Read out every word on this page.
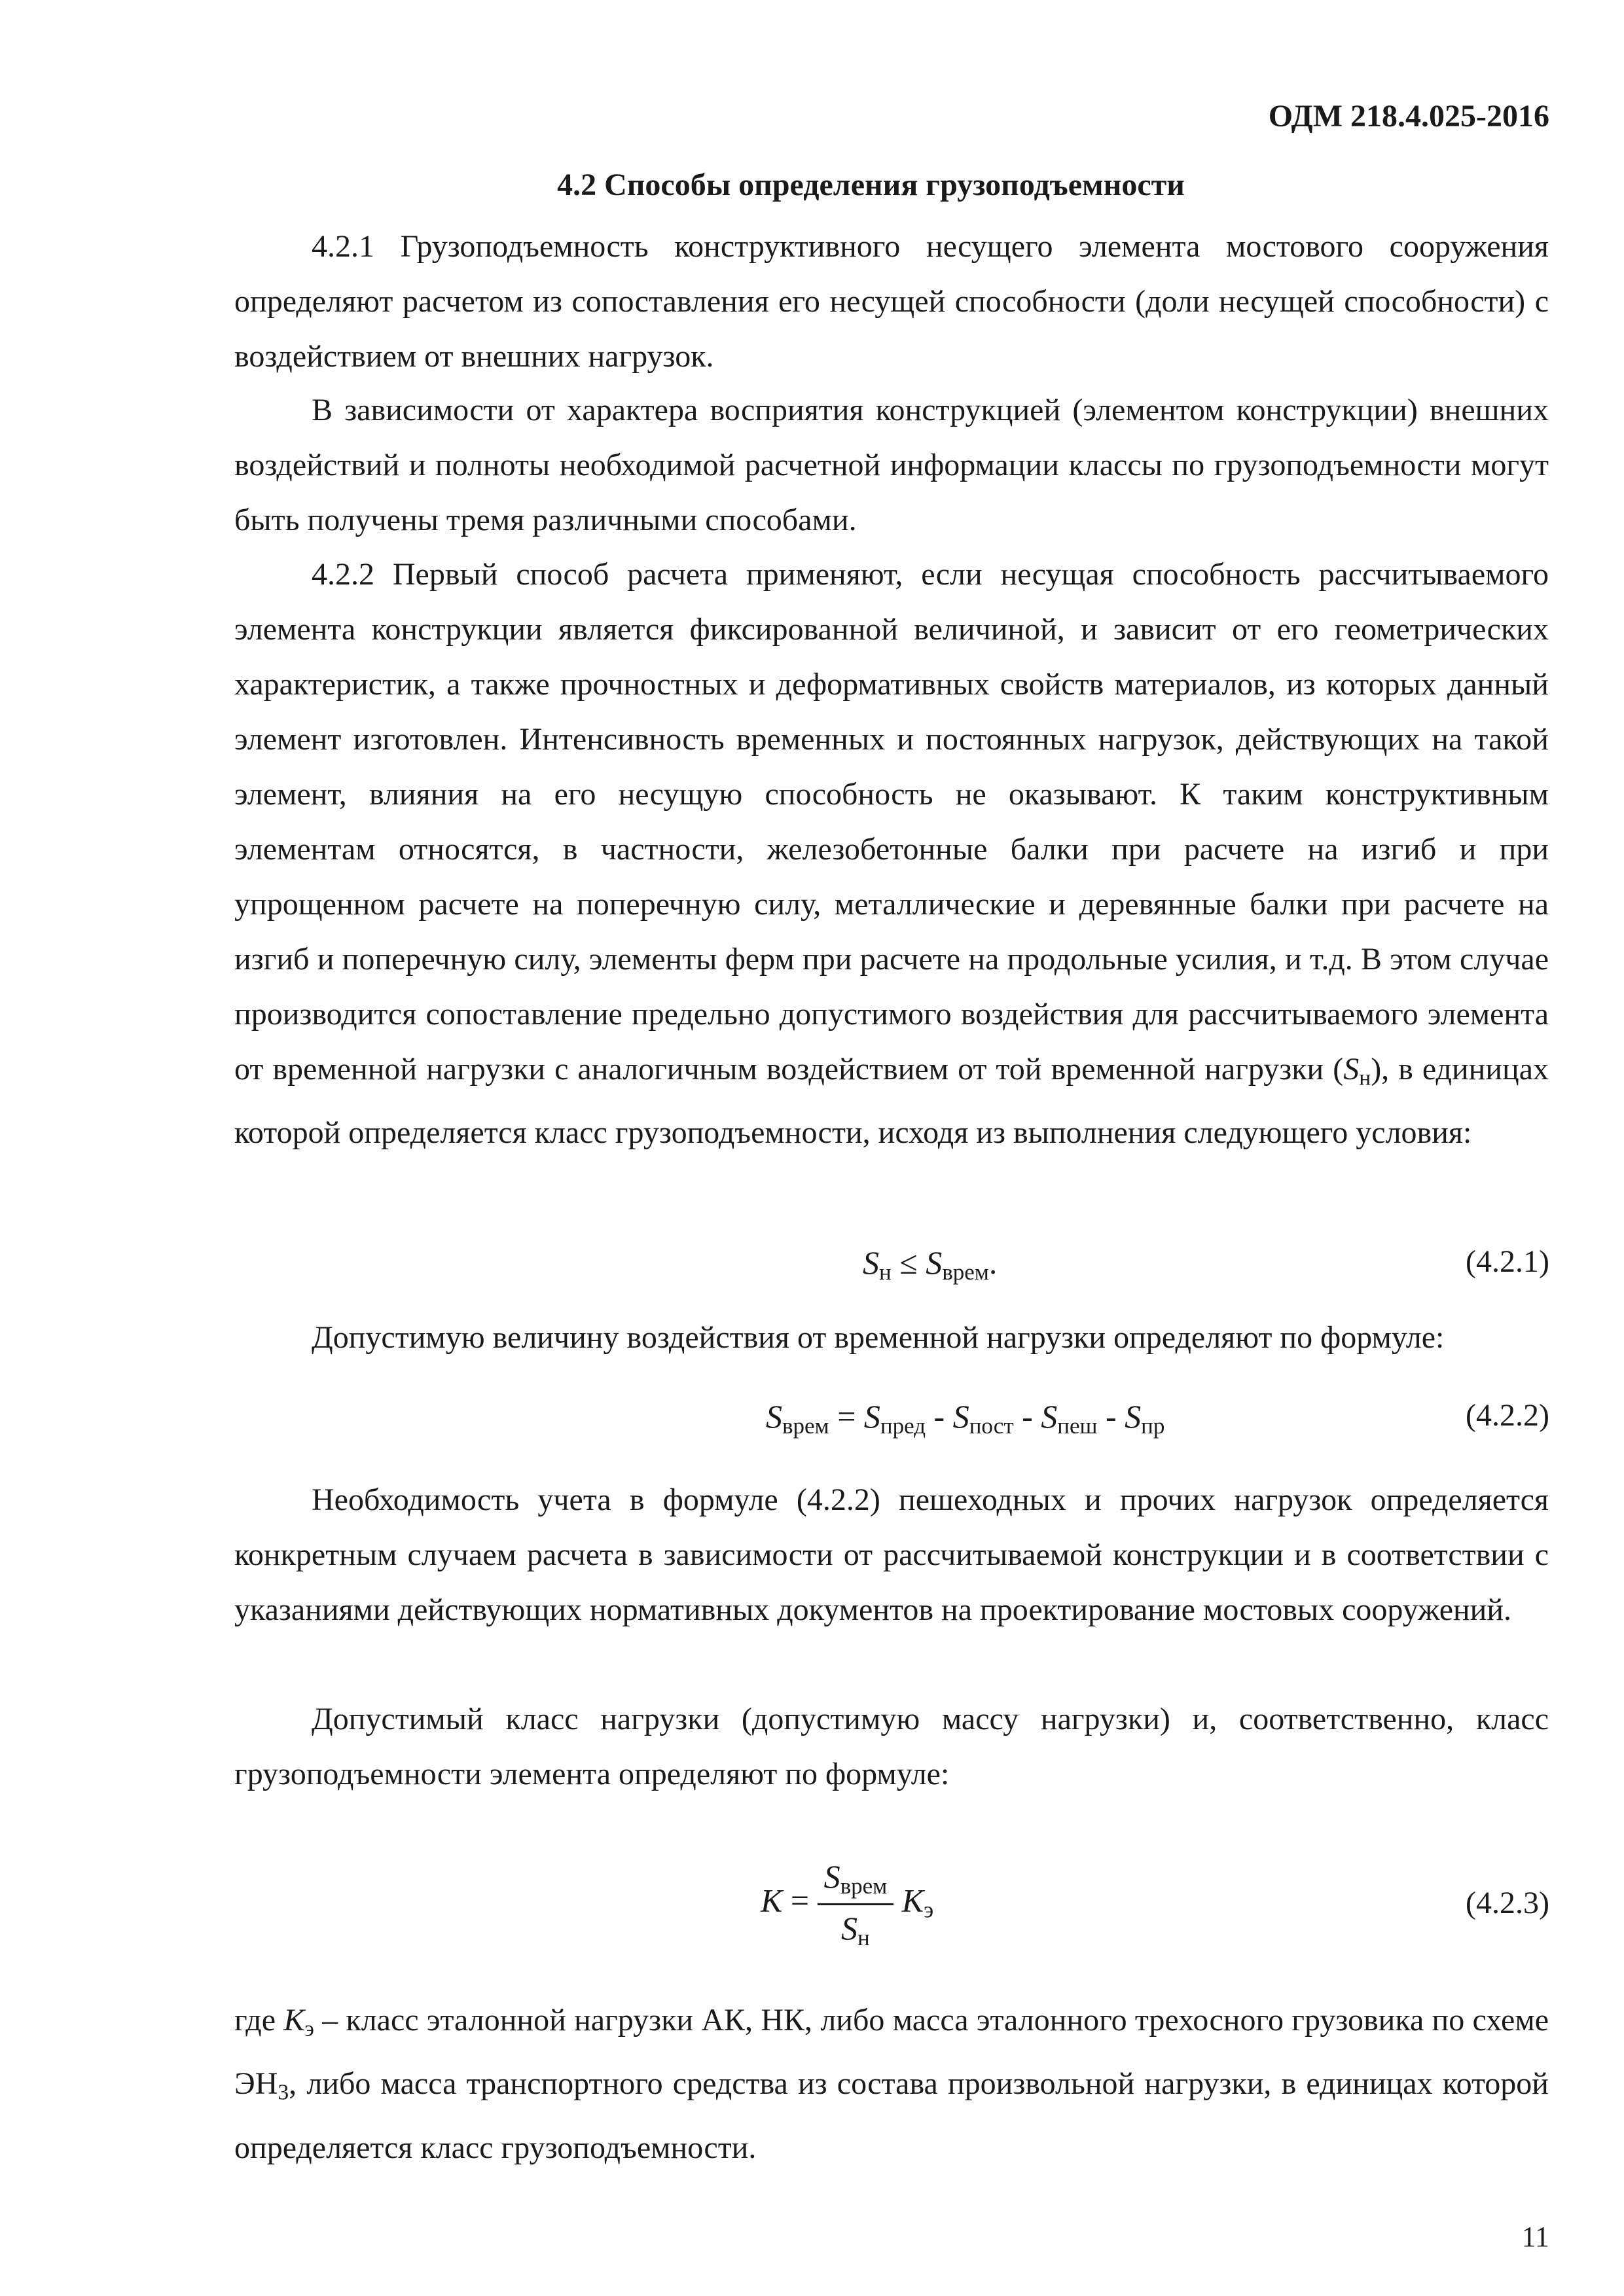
ОДМ 218.4.025-2016
4.2 Способы определения грузоподъемности
4.2.1 Грузоподъемность конструктивного несущего элемента мостового сооружения определяют расчетом из сопоставления его несущей способности (доли несущей способности) с воздействием от внешних нагрузок.
В зависимости от характера восприятия конструкцией (элементом конструкции) внешних воздействий и полноты необходимой расчетной информации классы по грузоподъемности могут быть получены тремя различными способами.
4.2.2 Первый способ расчета применяют, если несущая способность рассчитываемого элемента конструкции является фиксированной величиной, и зависит от его геометрических характеристик, а также прочностных и деформативных свойств материалов, из которых данный элемент изготовлен. Интенсивность временных и постоянных нагрузок, действующих на такой элемент, влияния на его несущую способность не оказывают. К таким конструктивным элементам относятся, в частности, железобетонные балки при расчете на изгиб и при упрощенном расчете на поперечную силу, металлические и деревянные балки при расчете на изгиб и поперечную силу, элементы ферм при расчете на продольные усилия, и т.д. В этом случае производится сопоставление предельно допустимого воздействия для рассчитываемого элемента от временной нагрузки с аналогичным воздействием от той временной нагрузки $(S_н)$, в единицах которой определяется класс грузоподъемности, исходя из выполнения следующего условия:
$S_н \le S_{врем}$.	(4.2.1)
Допустимую величину воздействия от временной нагрузки определяют по формуле:
$S_{врем} = S_{пред} - S_{пост} - S_{пеш} - S_{пр}$	(4.2.2)
Необходимость учета в формуле (4.2.2) пешеходных и прочих нагрузок определяется конкретным случаем расчета в зависимости от рассчитываемой конструкции и в соответствии с указаниями действующих нормативных документов на проектирование мостовых сооружений.
Допустимый класс нагрузки (допустимую массу нагрузки) и, соответственно, класс грузоподъемности элемента определяют по формуле:
$K = \frac{S_{врем}}{S_н} K_э$	(4.2.3)
где $K_э$ – класс эталонной нагрузки АК, НК, либо масса эталонного трехосного грузовика по схеме $ЭН_3$, либо масса транспортного средства из состава произвольной нагрузки, в единицах которой определяется класс грузоподъемности.
11
